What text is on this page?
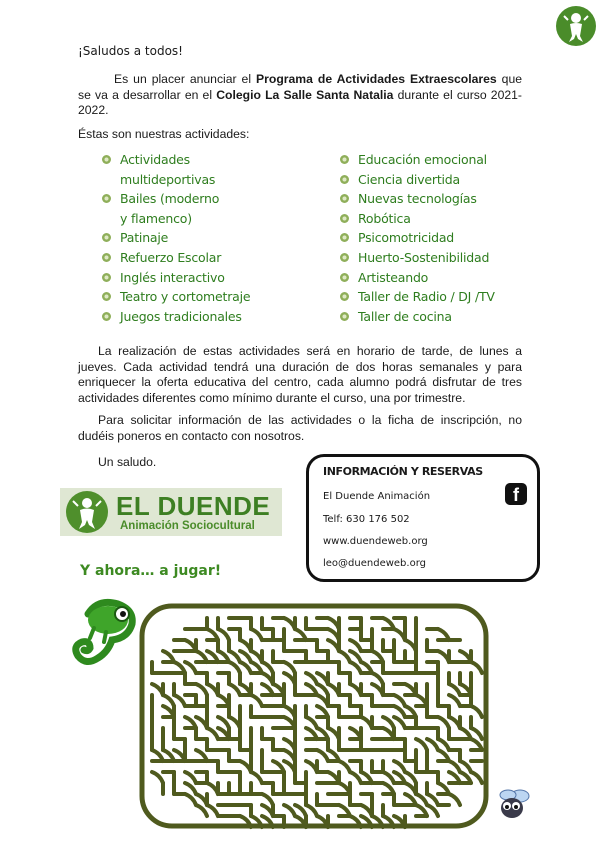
¡Saludos a todos!
Es un placer anunciar el Programa de Actividades Extraescolares que se va a desarrollar en el Colegio La Salle Santa Natalia durante el curso 2021-2022.
Éstas son nuestras actividades:
Actividades
multideportivas
Bailes (moderno
y flamenco)
Patinaje
Refuerzo Escolar
Inglés interactivo
Teatro y cortometraje
Juegos tradicionales
Educación emocional
Ciencia divertida
Nuevas tecnologías
Robótica
Psicomotricidad
Huerto-Sostenibilidad
Artisteando
Taller de Radio / DJ /TV
Taller de cocina
La realización de estas actividades será en horario de tarde, de lunes a jueves. Cada actividad tendrá una duración de dos horas semanales y para enriquecer la oferta educativa del centro, cada alumno podrá disfrutar de tres actividades diferentes como mínimo durante el curso, una por trimestre.
Para solicitar información de las actividades o la ficha de inscripción, no dudéis poneros en contacto con nosotros.
Un saludo.
EL DUENDE
Animación Sociocultural
INFORMACIÓN Y RESERVAS
f
El Duende Animación
Telf: 630 176 502
www.duendeweb.org
leo@duendeweb.org
Y ahora… a jugar!
